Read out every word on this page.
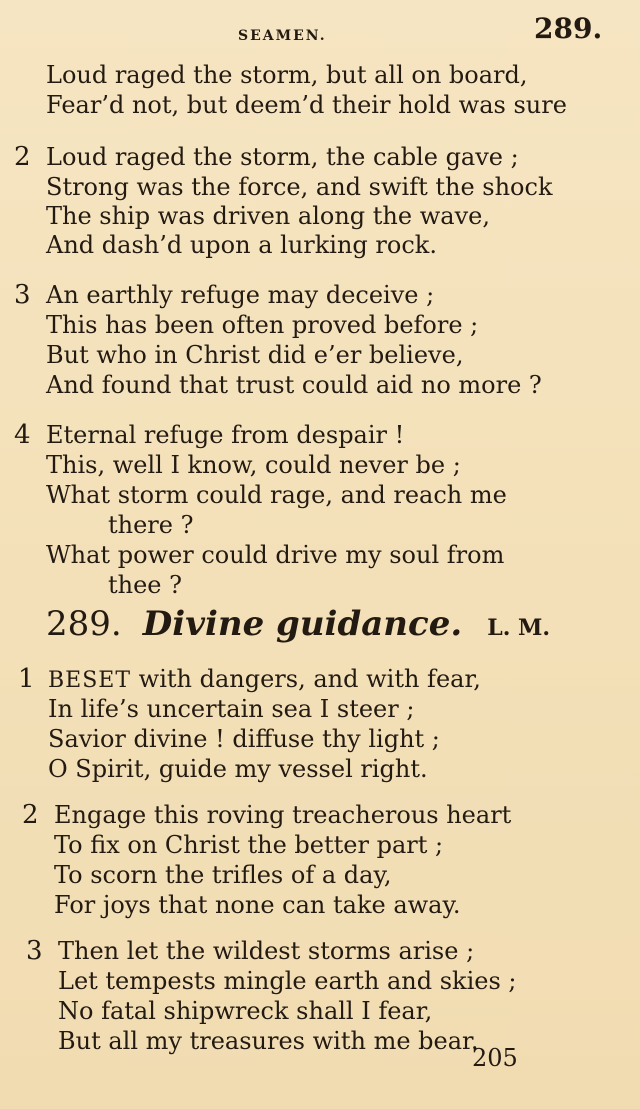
SEAMEN.	289.
Loud raged the storm, but all on board,
Fear’d not, but deem’d their hold was sure
2 Loud raged the storm, the cable gave ;
Strong was the force, and swift the shock
The ship was driven along the wave,
And dash’d upon a lurking rock.
3 An earthly refuge may deceive ;
This has been often proved before ;
But who in Christ did e’er believe,
And found that trust could aid no more ?
4 Eternal refuge from despair !
This, well I know, could never be ;
What storm could rage, and reach me
there ?
What power could drive my soul from
thee ?
289. Divine guidance. L. M.
1 BESET with dangers, and with fear,
In life’s uncertain sea I steer ;
Savior divine ! diffuse thy light ;
O Spirit, guide my vessel right.
2 Engage this roving treacherous heart
To fix on Christ the better part ;
To scorn the trifles of a day,
For joys that none can take away.
3 Then let the wildest storms arise ;
Let tempests mingle earth and skies ;
No fatal shipwreck shall I fear,
But all my treasures with me bear.
205
